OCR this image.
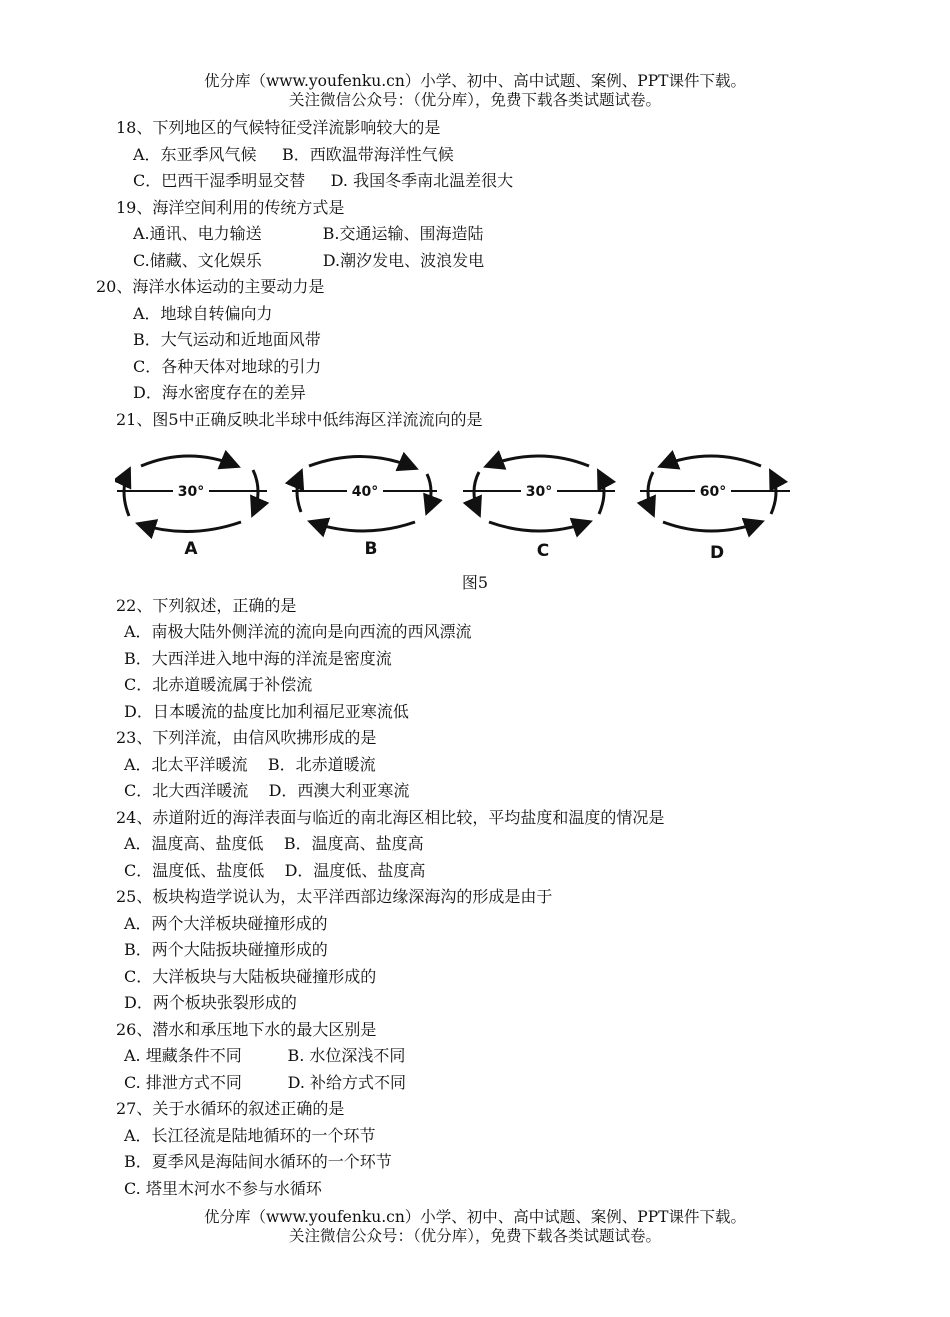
优分库（www.youfenku.cn）小学、初中、高中试题、案例、PPT课件下载。
关注微信公众号：（优分库），免费下载各类试题试卷。
18、下列地区的气候特征受洋流影响较大的是
A．东亚季风气候     B．西欧温带海洋性气候
C．巴西干湿季明显交替     D. 我国冬季南北温差很大
19、海洋空间利用的传统方式是
A.通讯、电力输送            B.交通运输、围海造陆
C.储藏、文化娱乐            D.潮汐发电、波浪发电
20、海洋水体运动的主要动力是
A．地球自转偏向力
B．大气运动和近地面风带
C．各种天体对地球的引力
D．海水密度存在的差异
21、图5中正确反映北半球中低纬海区洋流流向的是
30°	40°	30°	60°
A	B	C	D
图5
22、下列叙述，正确的是
A．南极大陆外侧洋流的流向是向西流的西风漂流
B．大西洋进入地中海的洋流是密度流
C．北赤道暖流属于补偿流
D．日本暖流的盐度比加利福尼亚寒流低
23、下列洋流，由信风吹拂形成的是
A．北太平洋暖流    B．北赤道暖流
C．北大西洋暖流    D．西澳大利亚寒流
24、赤道附近的海洋表面与临近的南北海区相比较，平均盐度和温度的情况是
A．温度高、盐度低    B．温度高、盐度高
C．温度低、盐度低    D．温度低、盐度高
25、板块构造学说认为，太平洋西部边缘深海沟的形成是由于
A．两个大洋板块碰撞形成的
B．两个大陆扳块碰撞形成的
C．大洋板块与大陆板块碰撞形成的
D．两个板块张裂形成的
26、潜水和承压地下水的最大区别是
A. 埋藏条件不同         B. 水位深浅不同
C. 排泄方式不同         D. 补给方式不同
27、关于水循环的叙述正确的是
A．长江径流是陆地循环的一个环节
B．夏季风是海陆间水循环的一个环节
C. 塔里木河水不参与水循环
优分库（www.youfenku.cn）小学、初中、高中试题、案例、PPT课件下载。
关注微信公众号：（优分库），免费下载各类试题试卷。
